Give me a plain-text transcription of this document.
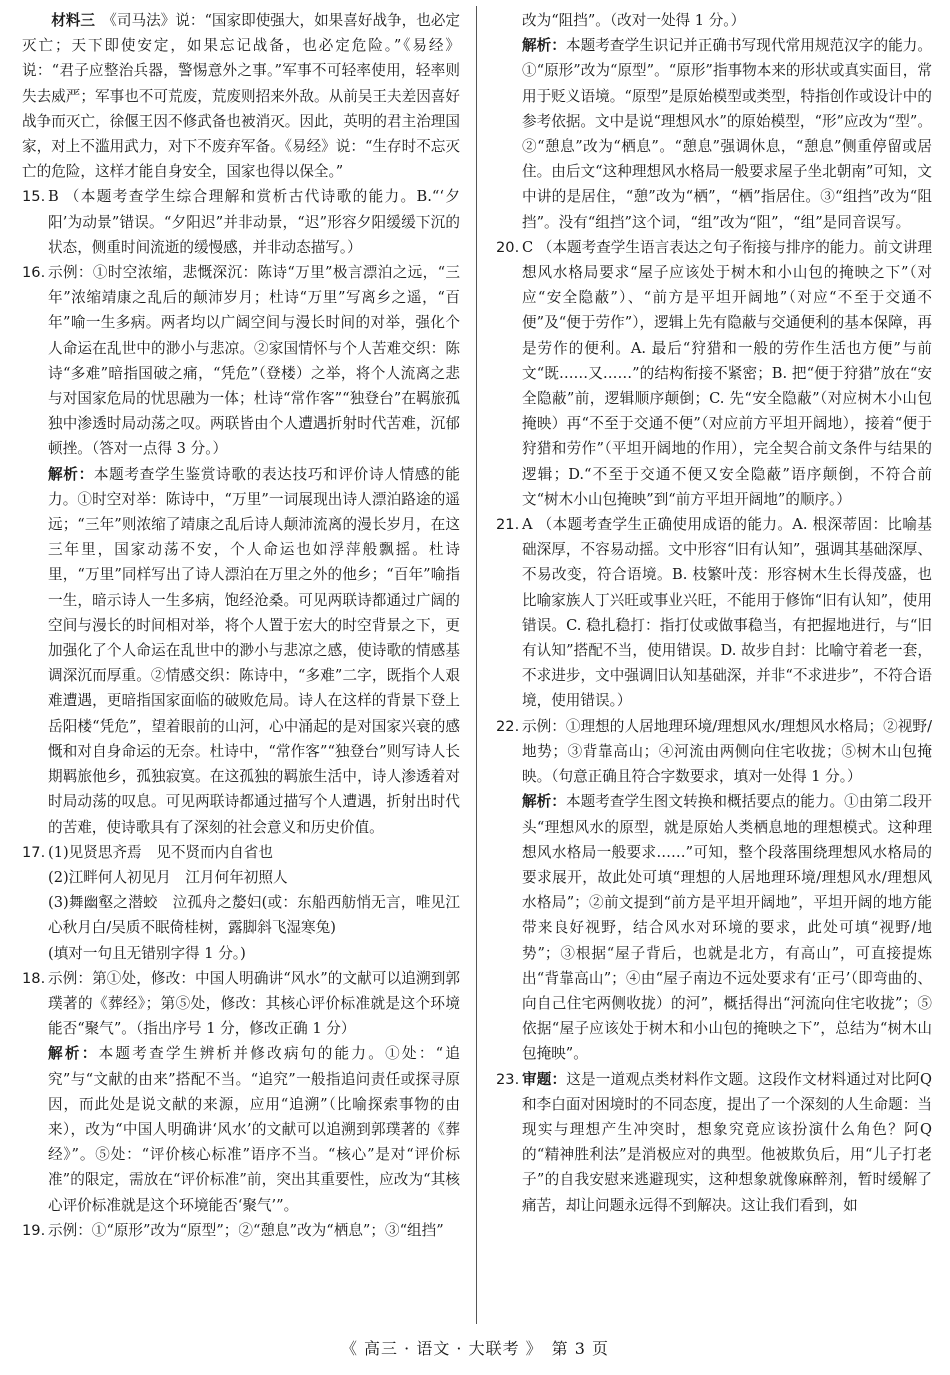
材料三　 《司马法》说：“国家即使强大，如果喜好战争，也必定灭亡；天下即使安定，如果忘记战备，也必定危险。”《易经》说：“君子应整治兵器，警惕意外之事。”军事不可轻率使用，轻率则失去威严；军事也不可荒废，荒废则招来外敌。从前吴王夫差因喜好战争而灭亡，徐偃王因不修武备也被消灭。因此，英明的君主治理国家，对上不滥用武力，对下不废弃军备。《易经》说：“生存时不忘灭亡的危险，这样才能自身安全，国家也得以保全。”

15. B （本题考查学生综合理解和赏析古代诗歌的能力。B.“‘夕阳’为动景”错误。“夕阳迟”并非动景，“迟”形容夕阳缓缓下沉的状态，侧重时间流逝的缓慢感，并非动态描写。）
16. 示例：①时空浓缩，悲慨深沉：陈诗“万里”极言漂泊之远，“三年”浓缩靖康之乱后的颠沛岁月；杜诗“万里”写离乡之遥，“百年”喻一生多病。两者均以广阔空间与漫长时间的对举，强化个人命运在乱世中的渺小与悲凉。②家国情怀与个人苦难交织：陈诗“多难”暗指国破之痛，“凭危”（登楼）之举，将个人流离之悲与对国家危局的忧思融为一体；杜诗“常作客”“独登台”在羁旅孤独中渗透时局动荡之叹。两联皆由个人遭遇折射时代苦难，沉郁顿挫。（答对一点得 3 分。）
解析：本题考查学生鉴赏诗歌的表达技巧和评价诗人情感的能力。①时空对举：陈诗中，“万里”一词展现出诗人漂泊路途的遥远；“三年”则浓缩了靖康之乱后诗人颠沛流离的漫长岁月，在这三年里，国家动荡不安，个人命运也如浮萍般飘摇。杜诗里，“万里”同样写出了诗人漂泊在万里之外的他乡；“百年”喻指一生，暗示诗人一生多病，饱经沧桑。可见两联诗都通过广阔的空间与漫长的时间相对举，将个人置于宏大的时空背景之下，更加强化了个人命运在乱世中的渺小与悲凉之感，使诗歌的情感基调深沉而厚重。②情感交织：陈诗中，“多难”二字，既指个人艰难遭遇，更暗指国家面临的破败危局。诗人在这样的背景下登上岳阳楼“凭危”，望着眼前的山河，心中涌起的是对国家兴衰的感慨和对自身命运的无奈。杜诗中，“常作客”“独登台”则写诗人长期羁旅他乡，孤独寂寞。在这孤独的羁旅生活中，诗人渗透着对时局动荡的叹息。可见两联诗都通过描写个人遭遇，折射出时代的苦难，使诗歌具有了深刻的社会意义和历史价值。
17. (1)见贤思齐焉　见不贤而内自省也
(2)江畔何人初见月　江月何年初照人
(3)舞幽壑之潜蛟　泣孤舟之嫠妇(或：东船西舫悄无言，唯见江心秋月白/吴质不眠倚桂树，露脚斜飞湿寒兔)
(填对一句且无错别字得 1 分。)
18. 示例：第①处，修改：中国人明确讲“风水”的文献可以追溯到郭璞著的《葬经》；第⑤处，修改：其核心评价标准就是这个环境能否“聚气”。（指出序号 1 分，修改正确 1 分）
解析：本题考查学生辨析并修改病句的能力。①处：“追究”与“文献的由来”搭配不当。“追究”一般指追问责任或探寻原因，而此处是说文献的来源，应用“追溯”（比喻探索事物的由来），改为“中国人明确讲‘风水’的文献可以追溯到郭璞著的《葬经》”。⑤处：“评价核心标准”语序不当。“核心”是对“评价标准”的限定，需放在“评价标准”前，突出其重要性，应改为“其核心评价标准就是这个环境能否‘聚气’”。
19. 示例：①“原形”改为“原型”；②“憩息”改为“栖息”；③“组挡”
改为“阻挡”。（改对一处得 1 分。）
解析：本题考查学生识记并正确书写现代常用规范汉字的能力。①“原形”改为“原型”。“原形”指事物本来的形状或真实面目，常用于贬义语境。“原型”是原始模型或类型，特指创作或设计中的参考依据。文中是说“理想风水”的原始模型，“形”应改为“型”。②“憩息”改为“栖息”。“憩息”强调休息，“憩息”侧重停留或居住。由后文“这种理想风水格局一般要求屋子坐北朝南”可知，文中讲的是居住，“憩”改为“栖”，“栖”指居住。③“组挡”改为“阻挡”。没有“组挡”这个词，“组”改为“阻”，“组”是同音误写。
20. C （本题考查学生语言表达之句子衔接与排序的能力。前文讲理想风水格局要求“屋子应该处于树木和小山包的掩映之下”（对应“安全隐蔽”）、“前方是平坦开阔地”（对应“不至于交通不便”及“便于劳作”），逻辑上先有隐蔽与交通便利的基本保障，再是劳作的便利。A. 最后“狩猎和一般的劳作生活也方便”与前文“既……又……”的结构衔接不紧密；B. 把“便于狩猎”放在“安全隐蔽”前，逻辑顺序颠倒；C. 先“安全隐蔽”（对应树木小山包掩映）再“不至于交通不便”（对应前方平坦开阔地），接着“便于狩猎和劳作”（平坦开阔地的作用），完全契合前文条件与结果的逻辑；D.“不至于交通不便又安全隐蔽”语序颠倒，不符合前文“树木小山包掩映”到“前方平坦开阔地”的顺序。）
21. A （本题考查学生正确使用成语的能力。A. 根深蒂固：比喻基础深厚，不容易动摇。文中形容“旧有认知”，强调其基础深厚、不易改变，符合语境。B. 枝繁叶茂：形容树木生长得茂盛，也比喻家族人丁兴旺或事业兴旺，不能用于修饰“旧有认知”，使用错误。C. 稳扎稳打：指打仗或做事稳当，有把握地进行，与“旧有认知”搭配不当，使用错误。D. 故步自封：比喻守着老一套，不求进步，文中强调旧认知基础深，并非“不求进步”，不符合语境，使用错误。）
22. 示例：①理想的人居地理环境/理想风水/理想风水格局；②视野/地势；③背靠高山；④河流由两侧向住宅收拢；⑤树木山包掩映。（句意正确且符合字数要求，填对一处得 1 分。）
解析：本题考查学生图文转换和概括要点的能力。①由第二段开头“理想风水的原型，就是原始人类栖息地的理想模式。这种理想风水格局一般要求……”可知，整个段落围绕理想风水格局的要求展开，故此处可填“理想的人居地理环境/理想风水/理想风水格局”；②前文提到“前方是平坦开阔地”，平坦开阔的地方能带来良好视野，结合风水对环境的要求，此处可填“视野/地势”；③根据“屋子背后，也就是北方，有高山”，可直接提炼出“背靠高山”；④由“屋子南边不远处要求有‘正弓’（即弯曲的、向自己住宅两侧收拢）的河”，概括得出“河流向住宅收拢”；⑤依据“屋子应该处于树木和小山包的掩映之下”，总结为“树木山包掩映”。
23. 审题：这是一道观点类材料作文题。这段作文材料通过对比阿Q和李白面对困境时的不同态度，提出了一个深刻的人生命题：当现实与理想产生冲突时，想象究竟应该扮演什么角色？阿Q的“精神胜利法”是消极应对的典型。他被欺负后，用“儿子打老子”的自我安慰来逃避现实，这种想象就像麻醉剂，暂时缓解了痛苦，却让问题永远得不到解决。这让我们看到，如
《 高三 · 语文 · 大联考 》　第 3 页
